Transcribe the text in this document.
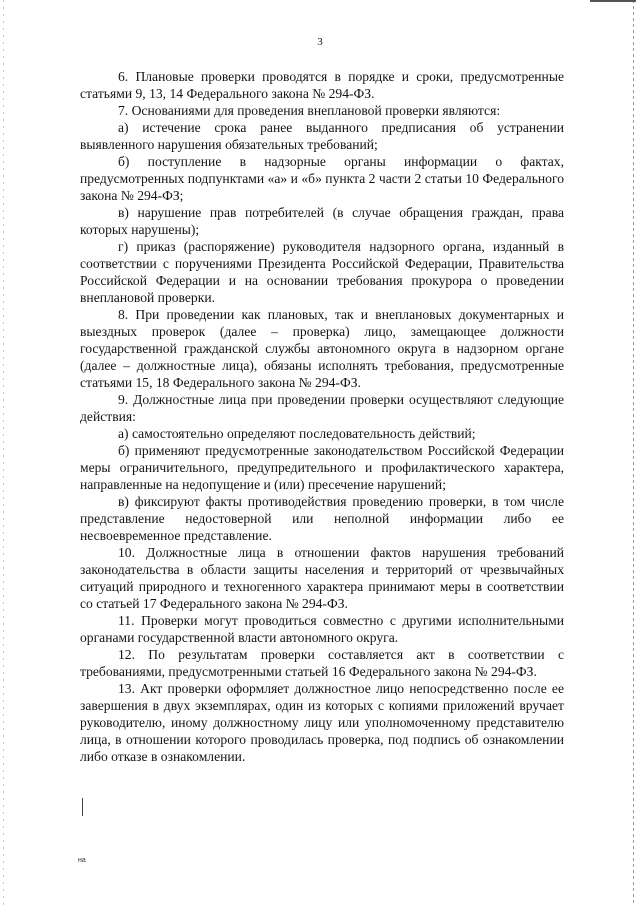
3

6. Плановые проверки проводятся в порядке и сроки, предусмотренные статьями 9, 13, 14 Федерального закона № 294-ФЗ.

7. Основаниями для проведения внеплановой проверки являются:

а) истечение срока ранее выданного предписания об устранении выявленного нарушения обязательных требований;

б) поступление в надзорные органы информации о фактах, предусмотренных подпунктами «а» и «б» пункта 2 части 2 статьи 10 Федерального закона № 294-ФЗ;

в) нарушение прав потребителей (в случае обращения граждан, права которых нарушены);

г) приказ (распоряжение) руководителя надзорного органа, изданный в соответствии с поручениями Президента Российской Федерации, Правительства Российской Федерации и на основании требования прокурора о проведении внеплановой проверки.

8. При проведении как плановых, так и внеплановых документарных и выездных проверок (далее – проверка) лицо, замещающее должности государственной гражданской службы автономного округа в надзорном органе (далее – должностные лица), обязаны исполнять требования, предусмотренные статьями 15, 18 Федерального закона № 294-ФЗ.

9. Должностные лица при проведении проверки осуществляют следующие действия:

а) самостоятельно определяют последовательность действий;

б) применяют предусмотренные законодательством Российской Федерации меры ограничительного, предупредительного и профилактического характера, направленные на недопущение и (или) пресечение нарушений;

в) фиксируют факты противодействия проведению проверки, в том числе представление недостоверной или неполной информации либо ее несвоевременное представление.

10. Должностные лица в отношении фактов нарушения требований законодательства в области защиты населения и территорий от чрезвычайных ситуаций природного и техногенного характера принимают меры в соответствии со статьей 17 Федерального закона № 294-ФЗ.

11. Проверки могут проводиться совместно с другими исполнительными органами государственной власти автономного округа.

12. По результатам проверки составляется акт в соответствии с требованиями, предусмотренными статьей 16 Федерального закона № 294-ФЗ.

13. Акт проверки оформляет должностное лицо непосредственно после ее завершения в двух экземплярах, один из которых с копиями приложений вручает руководителю, иному должностному лицу или уполномоченному представителю лица, в отношении которого проводилась проверка, под подпись об ознакомлении либо отказе в ознакомлении.

на
